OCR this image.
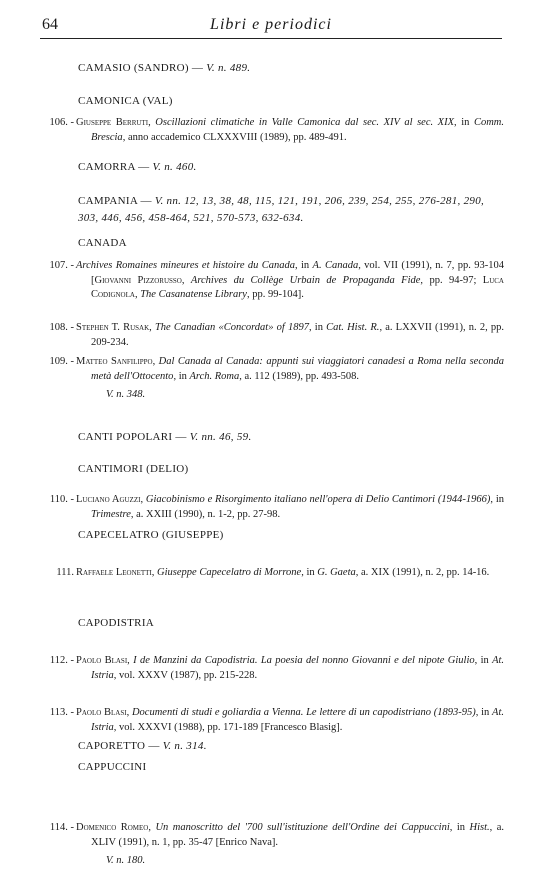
64	Libri e periodici
CAMASIO (SANDRO) — V. n. 489.
CAMONICA (VAL)
106. - Giuseppe Berruti, Oscillazioni climatiche in Valle Camonica dal sec. XIV al sec. XIX, in Comm. Brescia, anno accademico CLXXXVIII (1989), pp. 489-491.
CAMORRA — V. n. 460.
CAMPANIA — V. nn. 12, 13, 38, 48, 115, 121, 191, 206, 239, 254, 255, 276-281, 290, 303, 446, 456, 458-464, 521, 570-573, 632-634.
CANADA
107. - Archives Romaines mineures et histoire du Canada, in A. Canada, vol. VII (1991), n. 7, pp. 93-104 [Giovanni Pizzorusso, Archives du Collège Urbain de Propaganda Fide, pp. 94-97; Luca Codignola, The Casanatense Library, pp. 99-104].
108. - Stephen T. Rusak, The Canadian «Concordat» of 1897, in Cat. Hist. R., a. LXXVII (1991), n. 2, pp. 209-234.
109. - Matteo Sanfilippo, Dal Canada al Canada: appunti sui viaggiatori canadesi a Roma nella seconda metà dell'Ottocento, in Arch. Roma, a. 112 (1989), pp. 493-508.
V. n. 348.
CANTI POPOLARI — V. nn. 46, 59.
CANTIMORI (DELIO)
110. - Luciano Aguzzi, Giacobinismo e Risorgimento italiano nell'opera di Delio Cantimori (1944-1966), in Trimestre, a. XXIII (1990), n. 1-2, pp. 27-98.
CAPECELATRO (GIUSEPPE)
111. Raffaele Leonetti, Giuseppe Capecelatro di Morrone, in G. Gaeta, a. XIX (1991), n. 2, pp. 14-16.
CAPODISTRIA
112. - Paolo Blasi, I de Manzini da Capodistria. La poesia del nonno Giovanni e del nipote Giulio, in At. Istria, vol. XXXV (1987), pp. 215-228.
113. - Paolo Blasi, Documenti di studi e goliardia a Vienna. Le lettere di un capodistriano (1893-95), in At. Istria, vol. XXXVI (1988), pp. 171-189 [Francesco Blasig].
CAPORETTO — V. n. 314.
CAPPUCCINI
114. - Domenico Romeo, Un manoscritto del '700 sull'istituzione dell'Ordine dei Cappuccini, in Hist., a. XLIV (1991), n. 1, pp. 35-47 [Enrico Nava].
V. n. 180.
